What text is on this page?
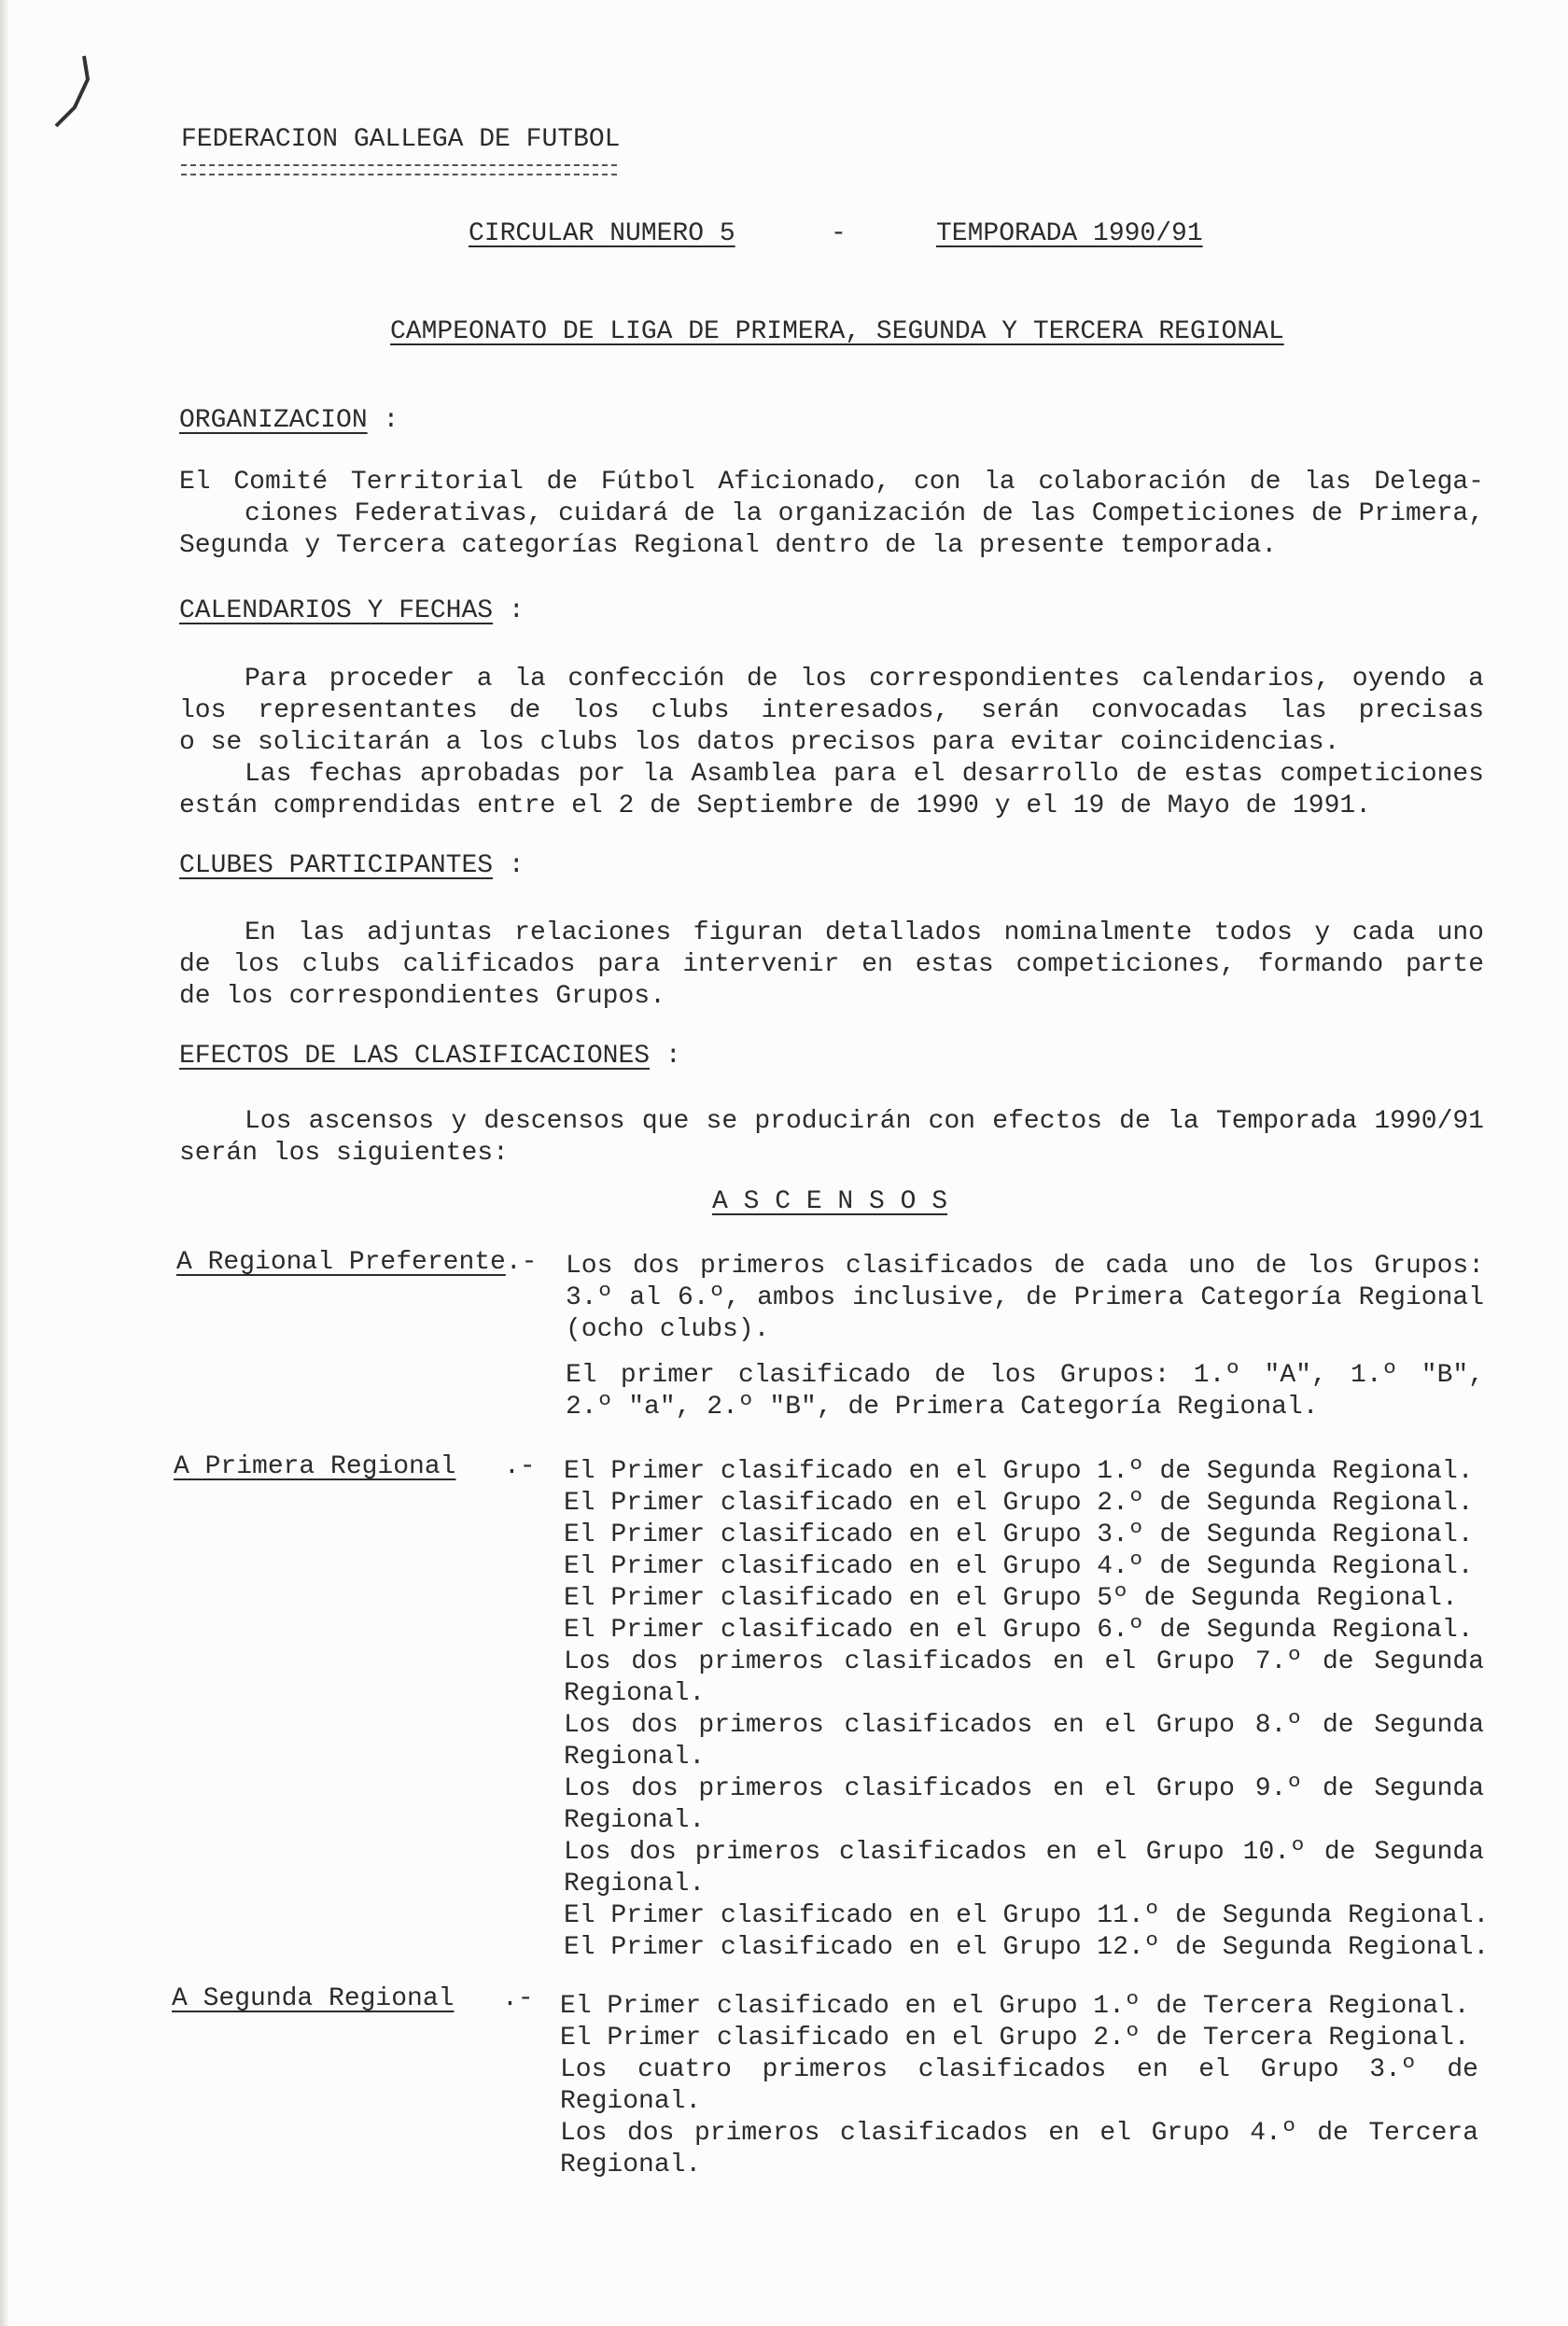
FEDERACION GALLEGA DE FUTBOL
CIRCULAR NUMERO 5	-	TEMPORADA 1990/91
CAMPEONATO DE LIGA DE PRIMERA, SEGUNDA Y TERCERA REGIONAL
ORGANIZACION :
El Comité Territorial de Fútbol Aficionado, con la colaboración de las Delega-
ciones Federativas, cuidará de la organización de las Competiciones de Primera,
Segunda y Tercera categorías Regional dentro de la presente temporada.
CALENDARIOS Y FECHAS :
Para proceder a la confección de los correspondientes calendarios, oyendo a
los representantes de los clubs interesados, serán convocadas las precisas
o se solicitarán a los clubs los datos precisos para evitar coincidencias.
Las fechas aprobadas por la Asamblea para el desarrollo de estas competiciones
están comprendidas entre el 2 de Septiembre de 1990 y el 19 de Mayo de 1991.
CLUBES PARTICIPANTES :
En las adjuntas relaciones figuran detallados nominalmente todos y cada uno
de los clubs calificados para intervenir en estas competiciones, formando parte
de los correspondientes Grupos.
EFECTOS DE LAS CLASIFICACIONES :
Los ascensos y descensos que se producirán con efectos de la Temporada 1990/91
serán los siguientes:
A S C E N S O S
A Regional Preferente.- Los dos primeros clasificados de cada uno de los Grupos:
3.º al 6.º, ambos inclusive, de Primera Categoría Regional
(ocho clubs).
El primer clasificado de los Grupos: 1.º "A", 1.º "B",
2.º "a", 2.º "B", de Primera Categoría Regional.
A Primera Regional .- El Primer clasificado en el Grupo 1.º de Segunda Regional.
El Primer clasificado en el Grupo 2.º de Segunda Regional.
El Primer clasificado en el Grupo 3.º de Segunda Regional.
El Primer clasificado en el Grupo 4.º de Segunda Regional.
El Primer clasificado en el Grupo 5º de Segunda Regional.
El Primer clasificado en el Grupo 6.º de Segunda Regional.
Los dos primeros clasificados en el Grupo 7.º de Segunda
Regional.
Los dos primeros clasificados en el Grupo 8.º de Segunda
Regional.
Los dos primeros clasificados en el Grupo 9.º de Segunda
Regional.
Los dos primeros clasificados en el Grupo 10.º de Segunda
Regional.
El Primer clasificado en el Grupo 11.º de Segunda Regional.
El Primer clasificado en el Grupo 12.º de Segunda Regional.
A Segunda Regional .- El Primer clasificado en el Grupo 1.º de Tercera Regional.
El Primer clasificado en el Grupo 2.º de Tercera Regional.
Los cuatro primeros clasificados en el Grupo 3.º de
Regional.
Los dos primeros clasificados en el Grupo 4.º de Tercera
Regional.
